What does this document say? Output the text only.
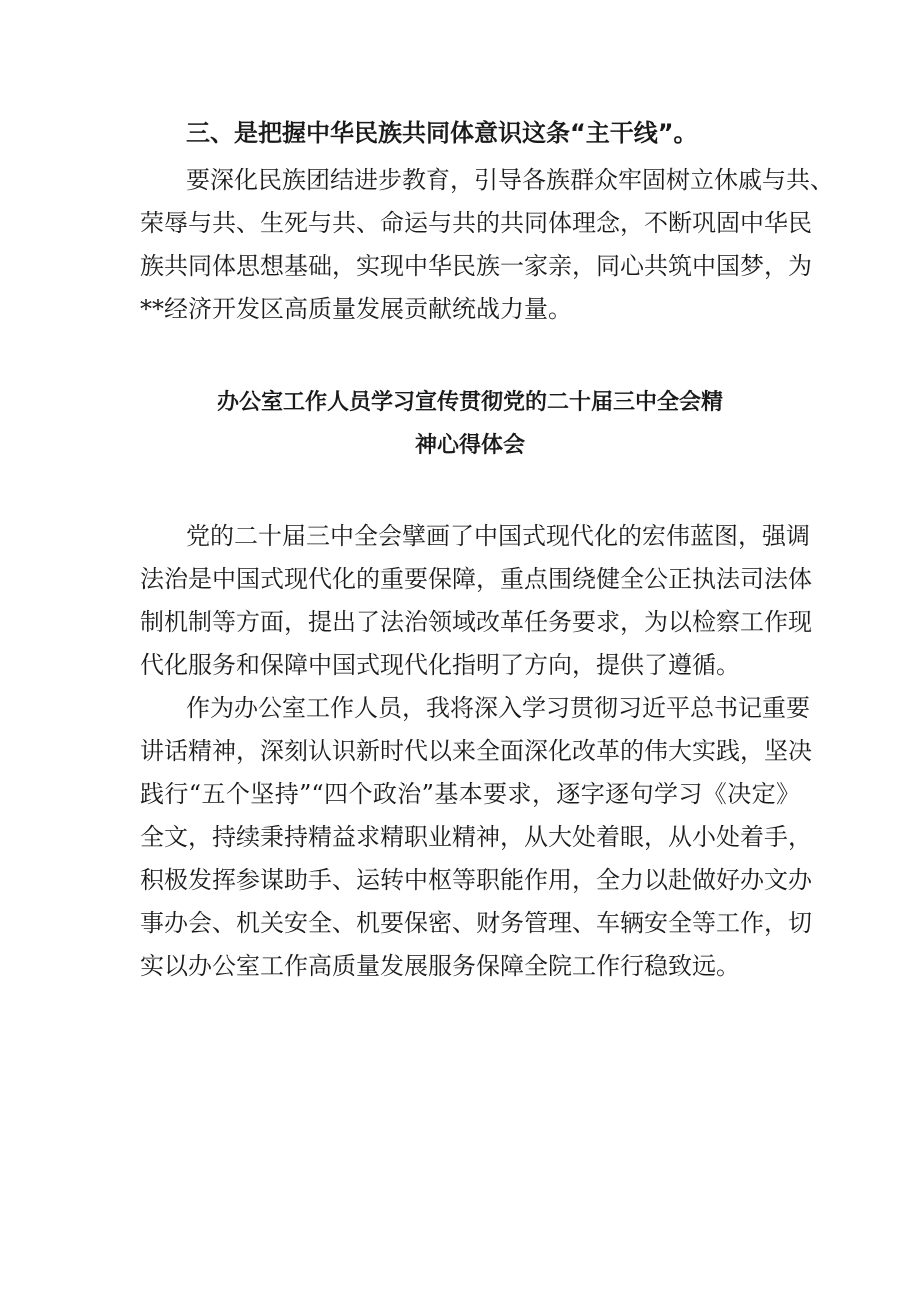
三、是把握中华民族共同体意识这条“主干线”。
要深化民族团结进步教育，引导各族群众牢固树立休戚与共、
荣辱与共、生死与共、命运与共的共同体理念，不断巩固中华民
族共同体思想基础，实现中华民族一家亲，同心共筑中国梦，为
**经济开发区高质量发展贡献统战力量。
办公室工作人员学习宣传贯彻党的二十届三中全会精
神心得体会
党的二十届三中全会擘画了中国式现代化的宏伟蓝图，强调
法治是中国式现代化的重要保障，重点围绕健全公正执法司法体
制机制等方面，提出了法治领域改革任务要求，为以检察工作现
代化服务和保障中国式现代化指明了方向，提供了遵循。
作为办公室工作人员，我将深入学习贯彻习近平总书记重要
讲话精神，深刻认识新时代以来全面深化改革的伟大实践，坚决
践行“五个坚持”“四个政治”基本要求，逐字逐句学习《决定》
全文，持续秉持精益求精职业精神，从大处着眼，从小处着手，
积极发挥参谋助手、运转中枢等职能作用，全力以赴做好办文办
事办会、机关安全、机要保密、财务管理、车辆安全等工作，切
实以办公室工作高质量发展服务保障全院工作行稳致远。
